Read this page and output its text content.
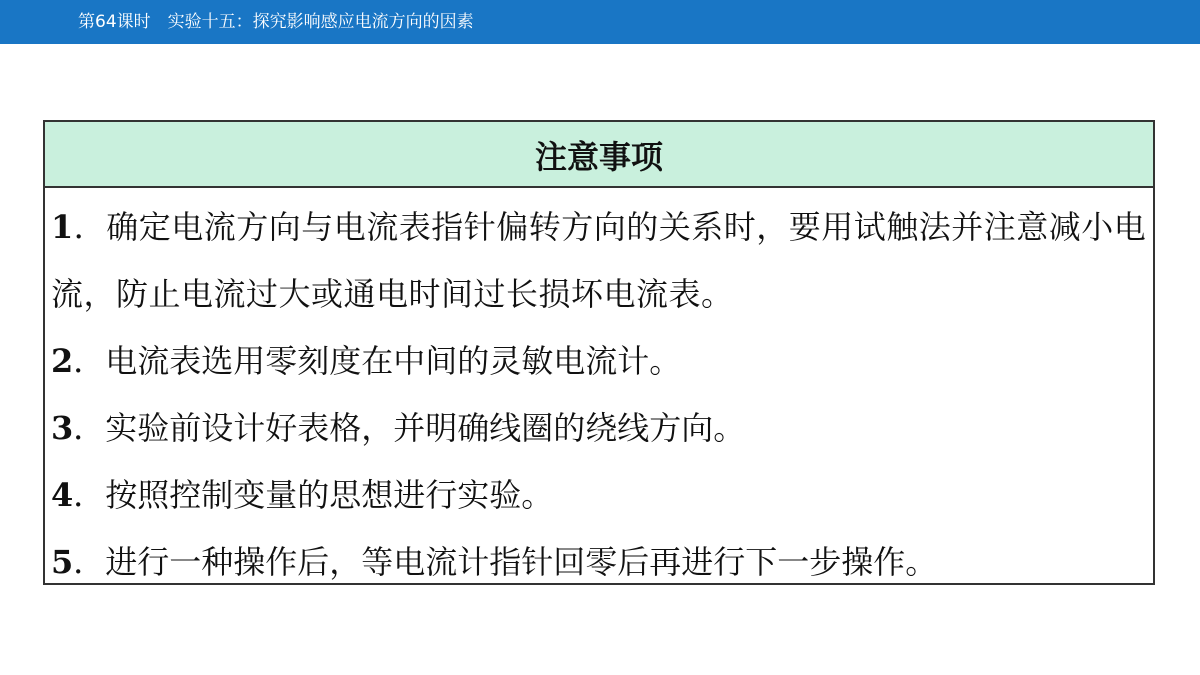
第64课时　实验十五：探究影响感应电流方向的因素
注意事项
1．确定电流方向与电流表指针偏转方向的关系时，要用试触法并注意减小电流，防止电流过大或通电时间过长损坏电流表。
2．电流表选用零刻度在中间的灵敏电流计。
3．实验前设计好表格，并明确线圈的绕线方向。
4．按照控制变量的思想进行实验。
5．进行一种操作后，等电流计指针回零后再进行下一步操作。
